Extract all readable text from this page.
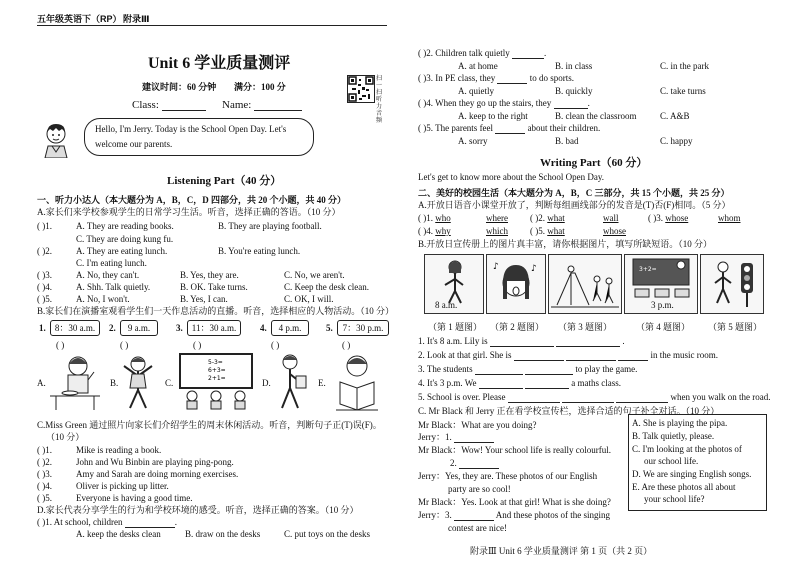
五年级英语下（RP） 附录Ⅲ
Unit 6 学业质量测评
建议时间：60 分钟 满分：100 分
Class:	Name:
扫一扫 听力音频
Hello, I'm Jerry. Today is the School Open Day. Let's
welcome our parents.
Listening Part（40 分）
一、听力小达人（本大题分为 A，B，C，D 四部分，共 20 个小题，共 40 分）
A.家长们来学校参观学生的日常学习生活。听音，选择正确的答语。（10 分）
( )1.	A. They are reading books.	B. They are playing football.
C. They are doing kung fu.
( )2.	A. They are eating lunch.	B. You're eating lunch.
C. I'm eating lunch.
( )3.	A. No, they can't.	B. Yes, they are.	C. No, we aren't.
( )4.	A. Shh. Talk quietly.	B. OK. Take turns.	C. Keep the desk clean.
( )5.	A. No, I won't.	B. Yes, I can.	C. OK, I will.
B.家长们在演播室观看学生们一天作息活动的直播。听音，选择相应的人物活动。（10 分）
1.	8：30 a.m.	2.	9 a.m.	3.	11：30 a.m.	4.	4 p.m.	5.	7：30 p.m.
( )	( )	( )	( )	( )
A.	B.	C.
5-3=
6+3=
2+1=	D.	E.
C.Miss Green 通过照片向家长们介绍学生的周末休闲活动。听音，判断句子正(T)误(F)。
（10 分）
( )1.	Mike is reading a book.
( )2.	John and Wu Binbin are playing ping-pong.
( )3.	Amy and Sarah are doing morning exercises.
( )4.	Oliver is picking up litter.
( )5.	Everyone is having a good time.
D.家长代表分享学生的行为和学校环境的感受。听音，选择正确的答案。（10 分）
( )1. At school, children	.
A. keep the desks clean	B. draw on the desks	C. put toys on the desks
( )2. Children talk quietly	.
A. at home	B. in class	C. in the park
( )3. In PE class, they	to do sports.
A. quietly	B. quickly	C. take turns
( )4. When they go up the stairs, they	.
A. keep to the right	B. clean the classroom	C. A&B
( )5. The parents feel	about their children.
A. sorry	B. bad	C. happy
Writing Part（60 分）
Let's get to know more about the School Open Day.
二、美好的校园生活（本大题分为 A，B，C 三部分，共 15 个小题，共 25 分）
A.开放日语音小课堂开放了，判断每组画线部分的发音是(T)否(F)相同。（5 分）
( )1. who	where ( )2. what	wall	( )3. whose	whom
( )4. why	which ( )5. what	whose
B.开放日宣传册上的图片真丰富，请你根据图片，填写所缺短语。（10 分）
8 a.m.
♪
♪	3+2=
3 p.m.
（第 1 题图） （第 2 题图） （第 3 题图）	（第 4 题图） （第 5 题图）
1. It's 8 a.m. Lily is	.
2. Look at that girl. She is	in the music room.
3. The students	to play the game.
4. It's 3 p.m. We	a maths class.
5. School is over. Please	when you walk on the road.
C. Mr Black 和 Jerry 正在看学校宣传栏，选择合适的句子补全对话。（10 分）
Mr Black：What are you doing?
Jerry：1.
Mr Black：Wow! Your school life is really colourful.
2.
Jerry：Yes, they are. These photos of our English
party are so cool!
Mr Black：Yes. Look at that girl! What is she doing?
Jerry：3.	And these photos of the singing
contest are nice!
A. She is playing the pipa.
B. Talk quietly, please.
C. I'm looking at the photos of
our school life.
D. We are singing English songs.
E. Are these photos all about
your school life?
附录Ⅲ Unit 6 学业质量测评 第 1 页（共 2 页）
